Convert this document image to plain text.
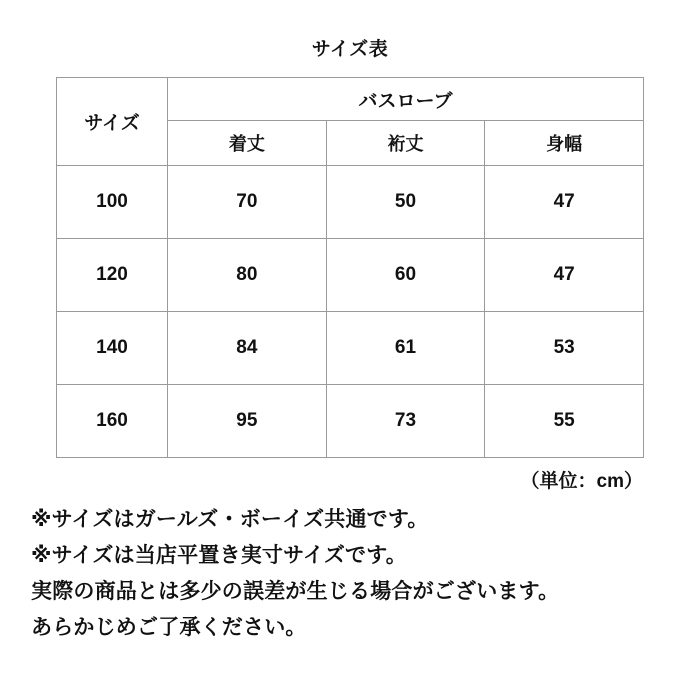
サイズ表
サイズ	バスローブ		
	着丈	裄丈	身幅
100	70	50	47
120	80	60	47
140	84	61	53
160	95	73	55
（単位：cm）

※サイズはガールズ・ボーイズ共通です。

※サイズは当店平置き実寸サイズです。

実際の商品とは多少の誤差が生じる場合がございます。

あらかじめご了承ください。
